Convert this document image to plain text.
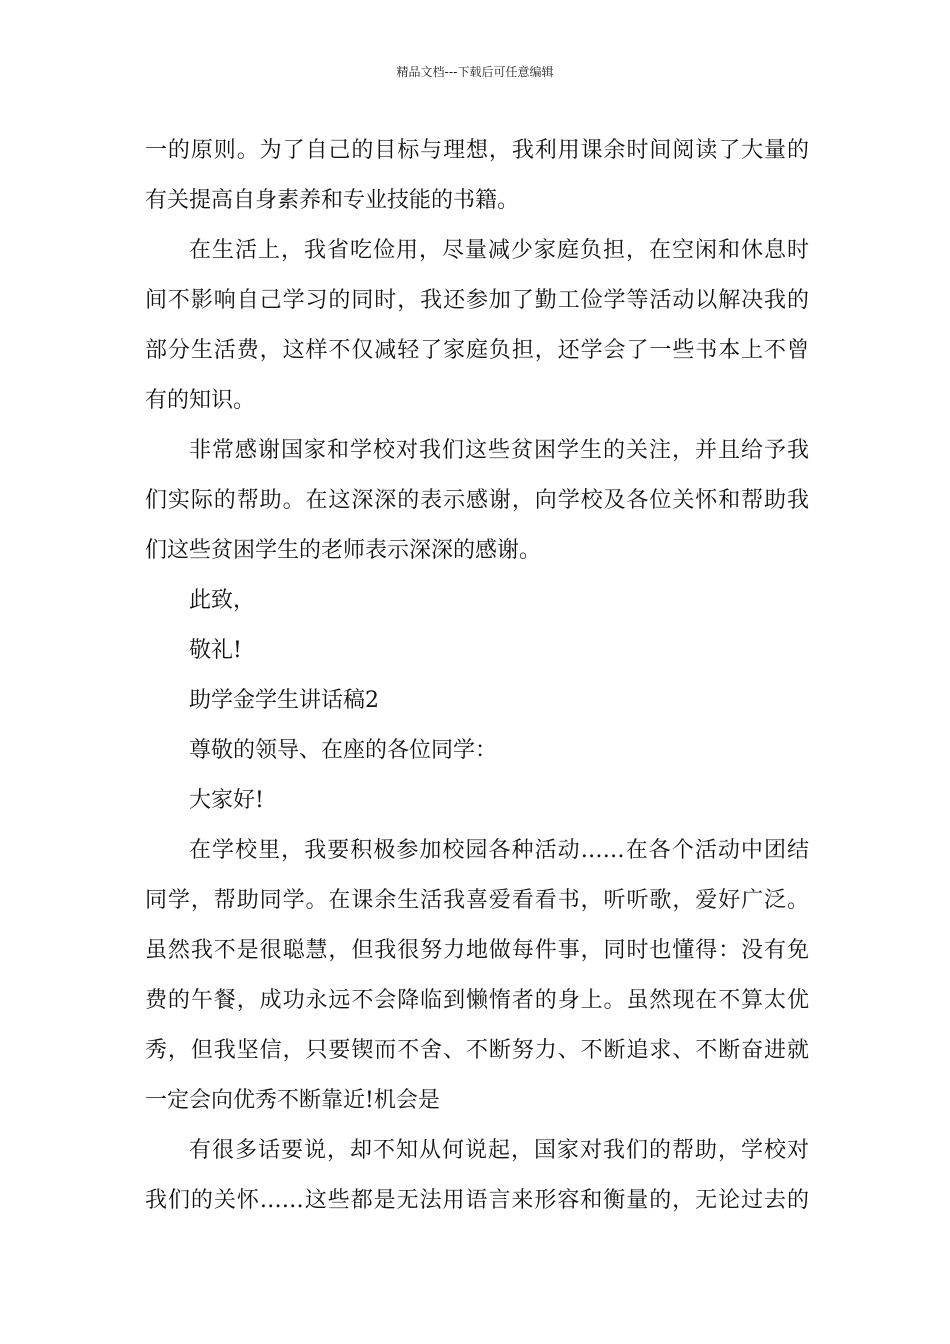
精品文档---下载后可任意编辑
一的原则。为了自己的目标与理想，我利用课余时间阅读了大量的
有关提高自身素养和专业技能的书籍。
在生活上，我省吃俭用，尽量减少家庭负担，在空闲和休息时
间不影响自己学习的同时，我还参加了勤工俭学等活动以解决我的
部分生活费，这样不仅减轻了家庭负担，还学会了一些书本上不曾
有的知识。
非常感谢国家和学校对我们这些贫困学生的关注，并且给予我
们实际的帮助。在这深深的表示感谢，向学校及各位关怀和帮助我
们这些贫困学生的老师表示深深的感谢。
此致，
敬礼!
助学金学生讲话稿2
尊敬的领导、在座的各位同学：
大家好!
在学校里，我要积极参加校园各种活动……在各个活动中团结
同学，帮助同学。在课余生活我喜爱看看书，听听歌，爱好广泛。
虽然我不是很聪慧，但我很努力地做每件事，同时也懂得：没有免
费的午餐，成功永远不会降临到懒惰者的身上。虽然现在不算太优
秀，但我坚信，只要锲而不舍、不断努力、不断追求、不断奋进就
一定会向优秀不断靠近!机会是
有很多话要说，却不知从何说起，国家对我们的帮助，学校对
我们的关怀……这些都是无法用语言来形容和衡量的，无论过去的
